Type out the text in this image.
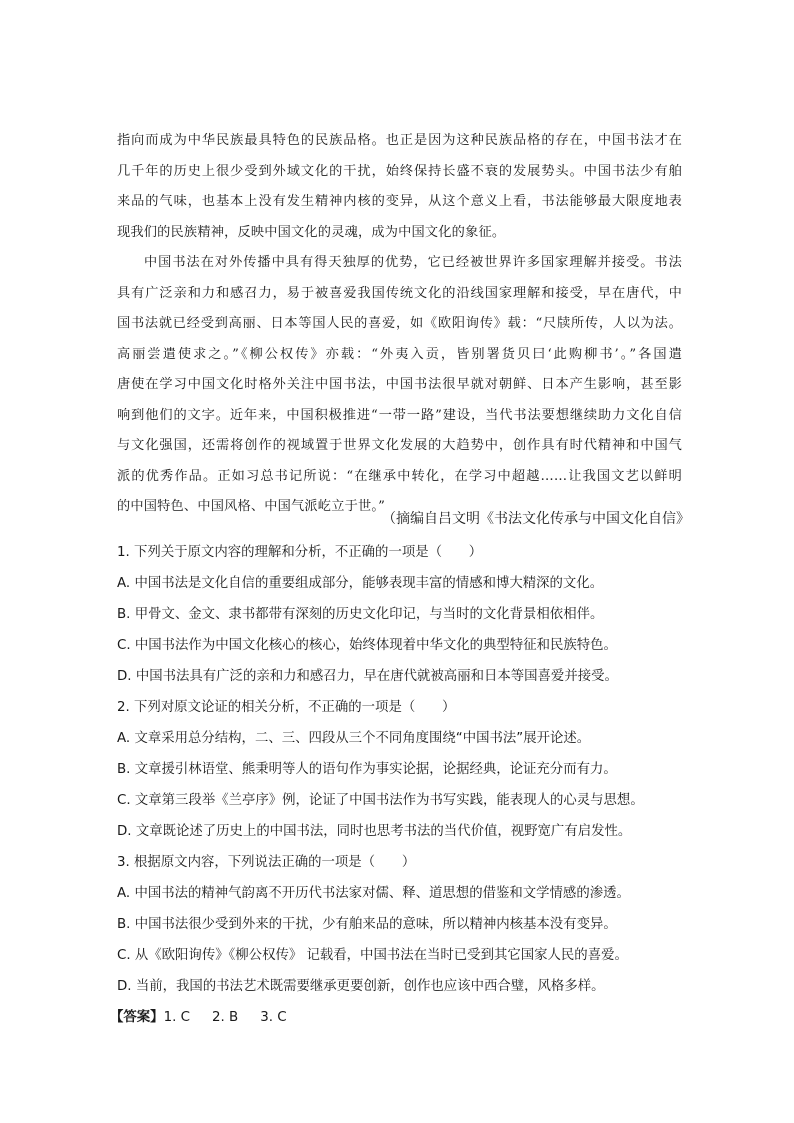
指向而成为中华民族最具特色的民族品格。也正是因为这种民族品格的存在，中国书法才在

几千年的历史上很少受到外域文化的干扰，始终保持长盛不衰的发展势头。中国书法少有舶

来品的气味，也基本上没有发生精神内核的变异，从这个意义上看，书法能够最大限度地表

现我们的民族精神，反映中国文化的灵魂，成为中国文化的象征。

中国书法在对外传播中具有得天独厚的优势，它已经被世界许多国家理解并接受。书法

具有广泛亲和力和感召力，易于被喜爱我国传统文化的沿线国家理解和接受，早在唐代，中

国书法就已经受到高丽、日本等国人民的喜爱，如《欧阳询传》载：“尺牍所传，人以为法。

高丽尝遣使求之。”《柳公权传》亦载：“外夷入贡，皆别署货贝曰‘此购柳书’。”各国遣

唐使在学习中国文化时格外关注中国书法，中国书法很早就对朝鲜、日本产生影响，甚至影

响到他们的文字。近年来，中国积极推进“一带一路”建设，当代书法要想继续助力文化自信

与文化强国，还需将创作的视域置于世界文化发展的大趋势中，创作具有时代精神和中国气

派的优秀作品。正如习总书记所说：“在继承中转化，在学习中超越……让我国文艺以鲜明

的中国特色、中国风格、中国气派屹立于世。”

（摘编自吕文明《书法文化传承与中国文化自信》
1. 下列关于原文内容的理解和分析，不正确的一项是（　　）
A. 中国书法是文化自信的重要组成部分，能够表现丰富的情感和博大精深的文化。
B. 甲骨文、金文、隶书都带有深刻的历史文化印记，与当时的文化背景相依相伴。
C. 中国书法作为中国文化核心的核心，始终体现着中华文化的典型特征和民族特色。
D. 中国书法具有广泛的亲和力和感召力，早在唐代就被高丽和日本等国喜爱并接受。
2. 下列对原文论证的相关分析，不正确的一项是（　　）
A. 文章采用总分结构，二、三、四段从三个不同角度围绕“中国书法”展开论述。
B. 文章援引林语堂、熊秉明等人的语句作为事实论据，论据经典，论证充分而有力。
C. 文章第三段举《兰亭序》例，论证了中国书法作为书写实践，能表现人的心灵与思想。
D. 文章既论述了历史上的中国书法，同时也思考书法的当代价值，视野宽广有启发性。
3. 根据原文内容，下列说法正确的一项是（　　）
A. 中国书法的精神气韵离不开历代书法家对儒、释、道思想的借鉴和文学情感的渗透。
B. 中国书法很少受到外来的干扰，少有舶来品的意味，所以精神内核基本没有变异。
C. 从《欧阳询传》《柳公权传》 记载看，中国书法在当时已受到其它国家人民的喜爱。
D. 当前，我国的书法艺术既需要继承更要创新，创作也应该中西合璧，风格多样。
【答案】1. C 2. B 3. C
